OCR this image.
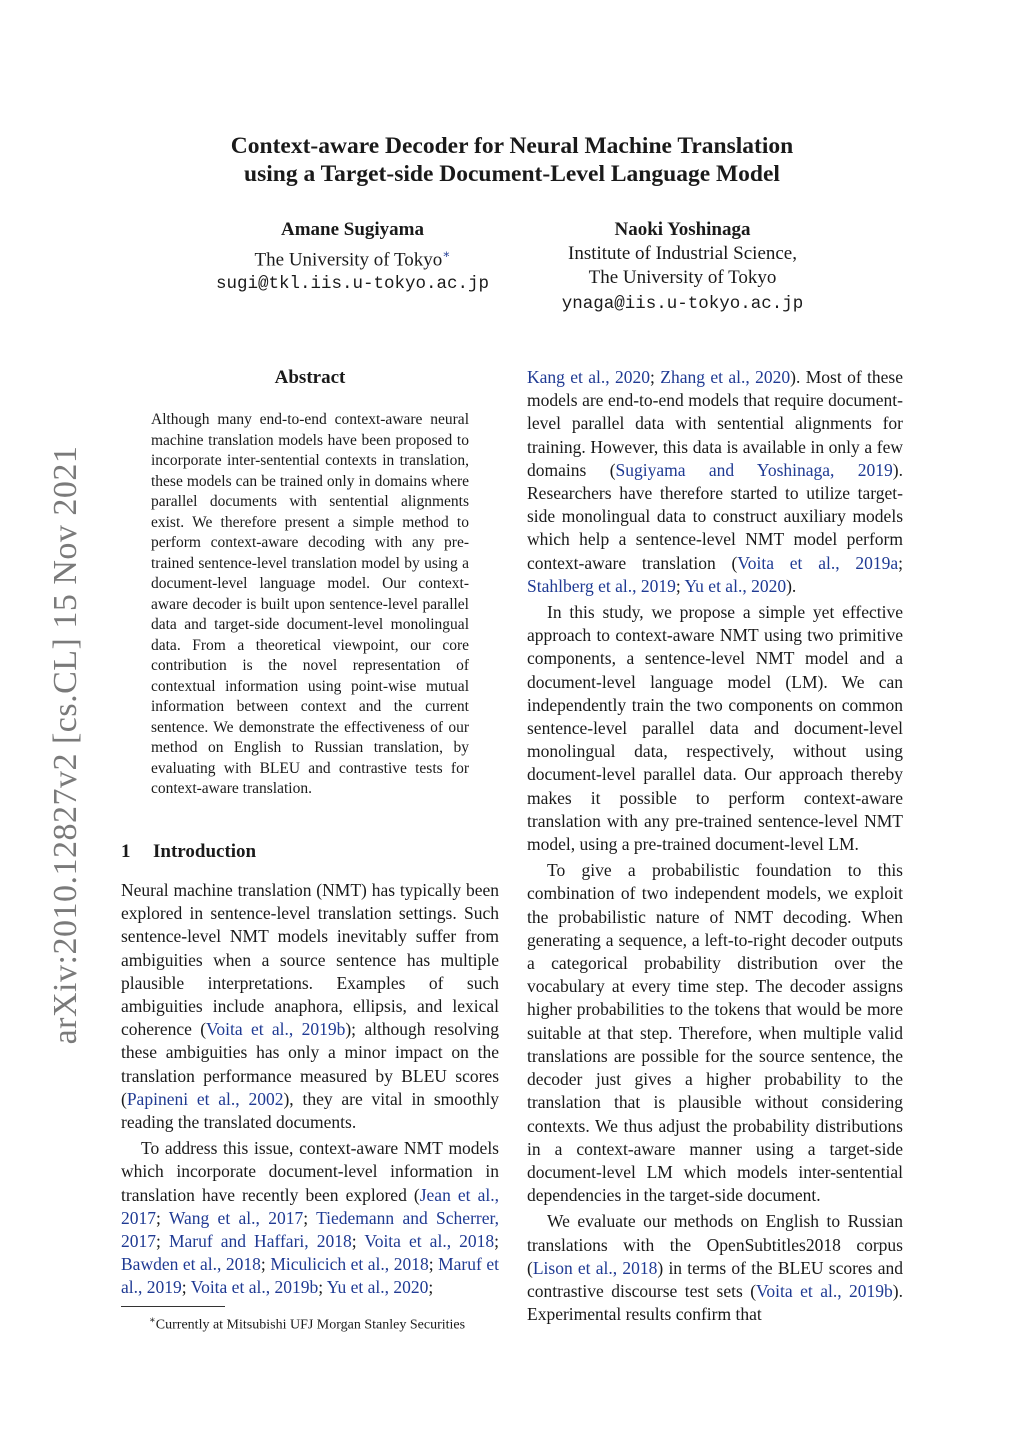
arXiv:2010.12827v2 [cs.CL] 15 Nov 2021
Context-aware Decoder for Neural Machine Translation
using a Target-side Document-Level Language Model
Amane Sugiyama
The University of Tokyo∗
sugi@tkl.iis.u-tokyo.ac.jp
Naoki Yoshinaga
Institute of Industrial Science,
The University of Tokyo
ynaga@iis.u-tokyo.ac.jp
Abstract
Although many end-to-end context-aware neural machine translation models have been proposed to incorporate inter-sentential contexts in translation, these models can be trained only in domains where parallel documents with sentential alignments exist. We therefore present a simple method to perform context-aware decoding with any pre-trained sentence-level translation model by using a document-level language model. Our context-aware decoder is built upon sentence-level parallel data and target-side document-level monolingual data. From a theoretical viewpoint, our core contribution is the novel representation of contextual information using point-wise mutual information between context and the current sentence. We demonstrate the effectiveness of our method on English to Russian translation, by evaluating with BLEU and contrastive tests for context-aware translation.
1 Introduction

Neural machine translation (NMT) has typically been explored in sentence-level translation settings. Such sentence-level NMT models inevitably suffer from ambiguities when a source sentence has multiple plausible interpretations. Examples of such ambiguities include anaphora, ellipsis, and lexical coherence (Voita et al., 2019b); although resolving these ambiguities has only a minor impact on the translation performance measured by BLEU scores (Papineni et al., 2002), they are vital in smoothly reading the translated documents.

To address this issue, context-aware NMT models which incorporate document-level information in translation have recently been explored (Jean et al., 2017; Wang et al., 2017; Tiedemann and Scherrer, 2017; Maruf and Haffari, 2018; Voita et al., 2018; Bawden et al., 2018; Miculicich et al., 2018; Maruf et al., 2019; Voita et al., 2019b; Yu et al., 2020;

∗Currently at Mitsubishi UFJ Morgan Stanley Securities

Kang et al., 2020; Zhang et al., 2020). Most of these models are end-to-end models that require document-level parallel data with sentential alignments for training. However, this data is available in only a few domains (Sugiyama and Yoshinaga, 2019). Researchers have therefore started to utilize target-side monolingual data to construct auxiliary models which help a sentence-level NMT model perform context-aware translation (Voita et al., 2019a; Stahlberg et al., 2019; Yu et al., 2020).

In this study, we propose a simple yet effective approach to context-aware NMT using two primitive components, a sentence-level NMT model and a document-level language model (LM). We can independently train the two components on common sentence-level parallel data and document-level monolingual data, respectively, without using document-level parallel data. Our approach thereby makes it possible to perform context-aware translation with any pre-trained sentence-level NMT model, using a pre-trained document-level LM.

To give a probabilistic foundation to this combination of two independent models, we exploit the probabilistic nature of NMT decoding. When generating a sequence, a left-to-right decoder outputs a categorical probability distribution over the vocabulary at every time step. The decoder assigns higher probabilities to the tokens that would be more suitable at that step. Therefore, when multiple valid translations are possible for the source sentence, the decoder just gives a higher probability to the translation that is plausible without considering contexts. We thus adjust the probability distributions in a context-aware manner using a target-side document-level LM which models inter-sentential dependencies in the target-side document.

We evaluate our methods on English to Russian translations with the OpenSubtitles2018 corpus (Lison et al., 2018) in terms of the BLEU scores and contrastive discourse test sets (Voita et al., 2019b). Experimental results confirm that
